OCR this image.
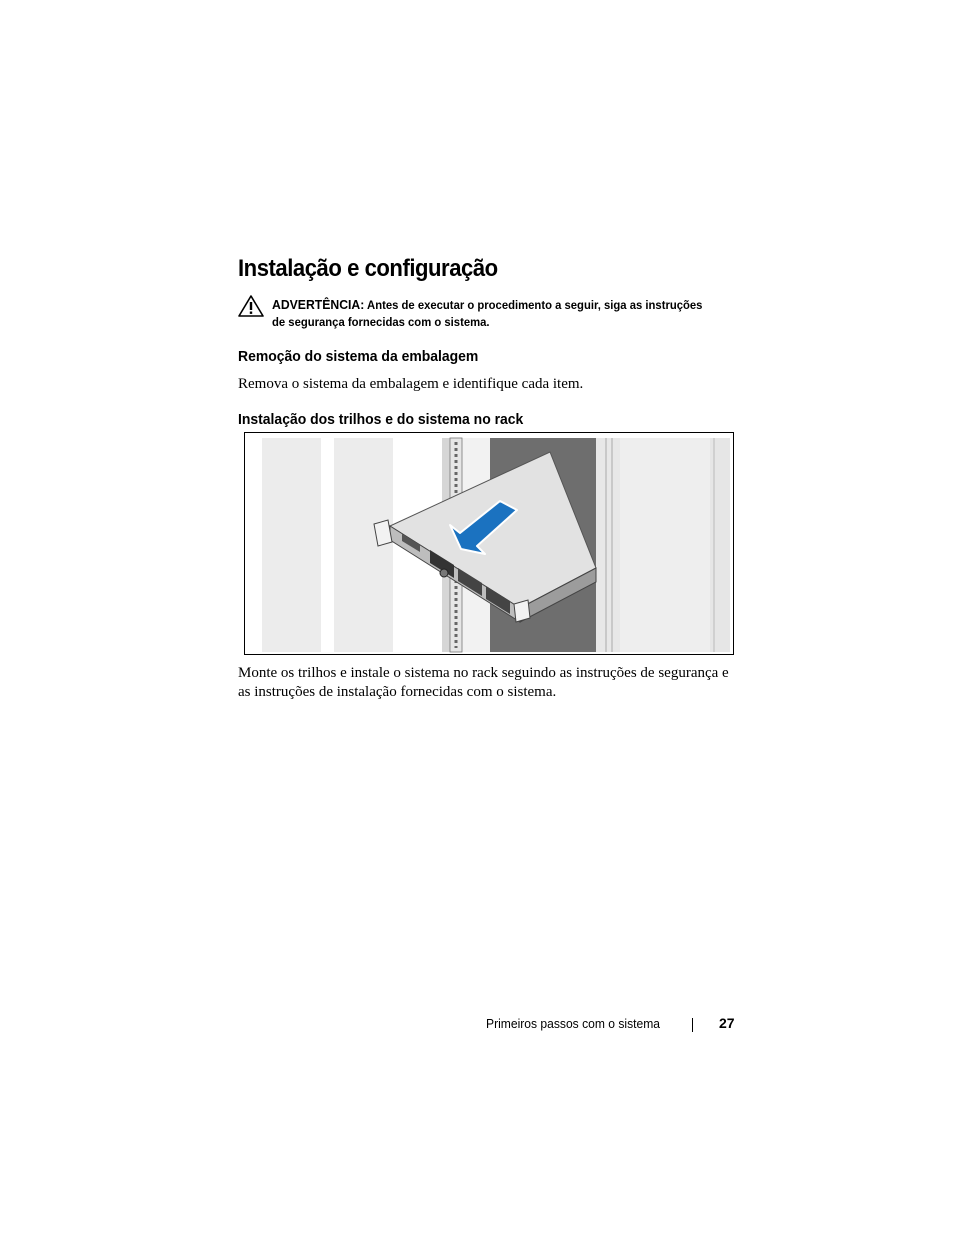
Instalação e configuração
ADVERTÊNCIA: Antes de executar o procedimento a seguir, siga as instruções de segurança fornecidas com o sistema.
Remoção do sistema da embalagem

Remova o sistema da embalagem e identifique cada item.

Instalação dos trilhos e do sistema no rack

Monte os trilhos e instale o sistema no rack seguindo as instruções de segurança e as instruções de instalação fornecidas com o sistema.

Primeiros passos com o sistema	27
